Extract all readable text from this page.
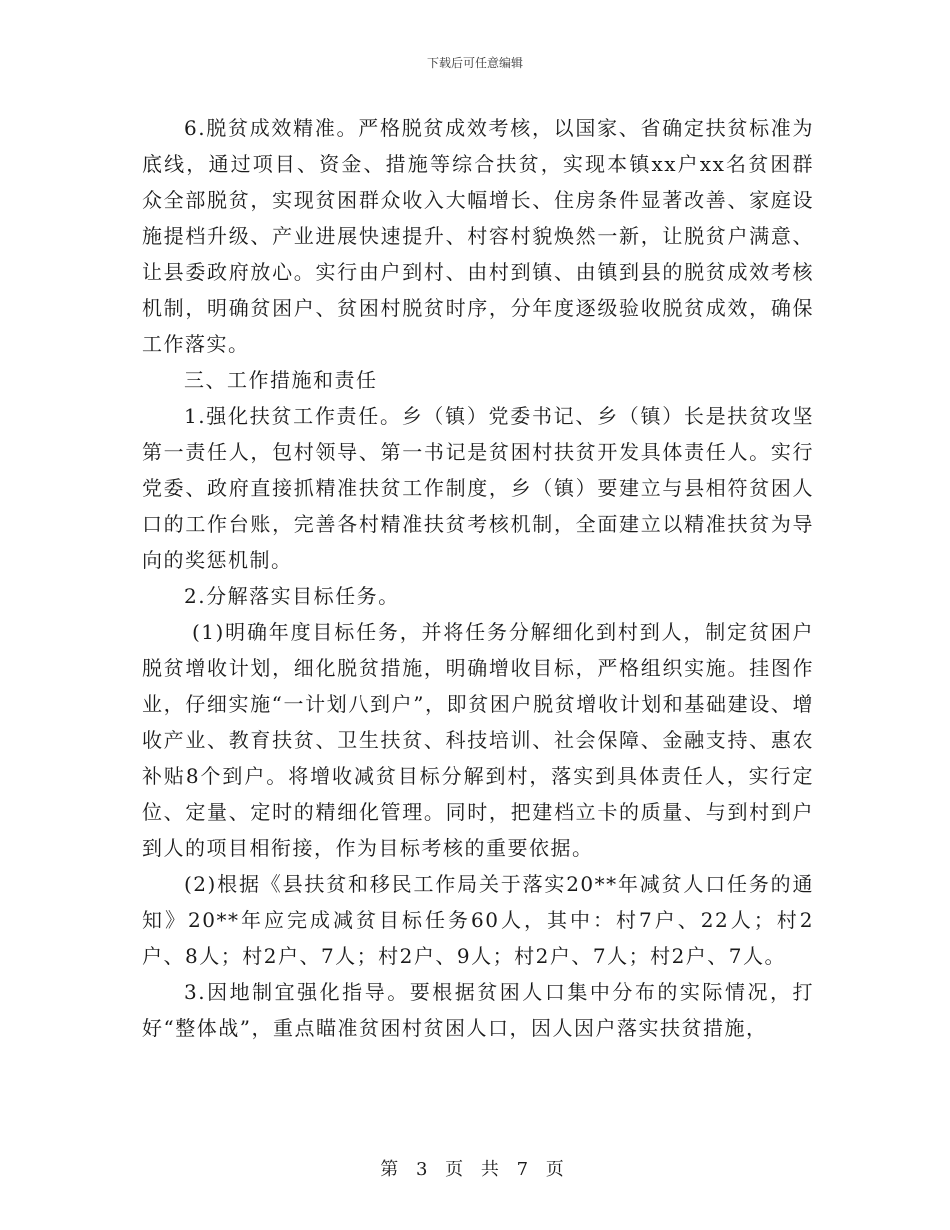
下载后可任意编辑

6.脱贫成效精准。严格脱贫成效考核，以国家、省确定扶贫标准为底线，通过项目、资金、措施等综合扶贫，实现本镇xx户xx名贫困群众全部脱贫，实现贫困群众收入大幅增长、住房条件显著改善、家庭设施提档升级、产业进展快速提升、村容村貌焕然一新，让脱贫户满意、让县委政府放心。实行由户到村、由村到镇、由镇到县的脱贫成效考核机制，明确贫困户、贫困村脱贫时序，分年度逐级验收脱贫成效，确保工作落实。

三、工作措施和责任

1.强化扶贫工作责任。乡（镇）党委书记、乡（镇）长是扶贫攻坚第一责任人，包村领导、第一书记是贫困村扶贫开发具体责任人。实行党委、政府直接抓精准扶贫工作制度，乡（镇）要建立与县相符贫困人口的工作台账，完善各村精准扶贫考核机制，全面建立以精准扶贫为导向的奖惩机制。

2.分解落实目标任务。

(1)明确年度目标任务，并将任务分解细化到村到人，制定贫困户脱贫增收计划，细化脱贫措施，明确增收目标，严格组织实施。挂图作业，仔细实施“一计划八到户”，即贫困户脱贫增收计划和基础建设、增收产业、教育扶贫、卫生扶贫、科技培训、社会保障、金融支持、惠农补贴8个到户。将增收减贫目标分解到村，落实到具体责任人，实行定位、定量、定时的精细化管理。同时，把建档立卡的质量、与到村到户到人的项目相衔接，作为目标考核的重要依据。

(2)根据《县扶贫和移民工作局关于落实20**年减贫人口任务的通知》20**年应完成减贫目标任务60人，其中：村7户、22人；村2户、8人；村2户、7人；村2户、9人；村2户、7人；村2户、7人。

3.因地制宜强化指导。要根据贫困人口集中分布的实际情况，打好“整体战”，重点瞄准贫困村贫困人口，因人因户落实扶贫措施，

第 3 页 共 7 页
